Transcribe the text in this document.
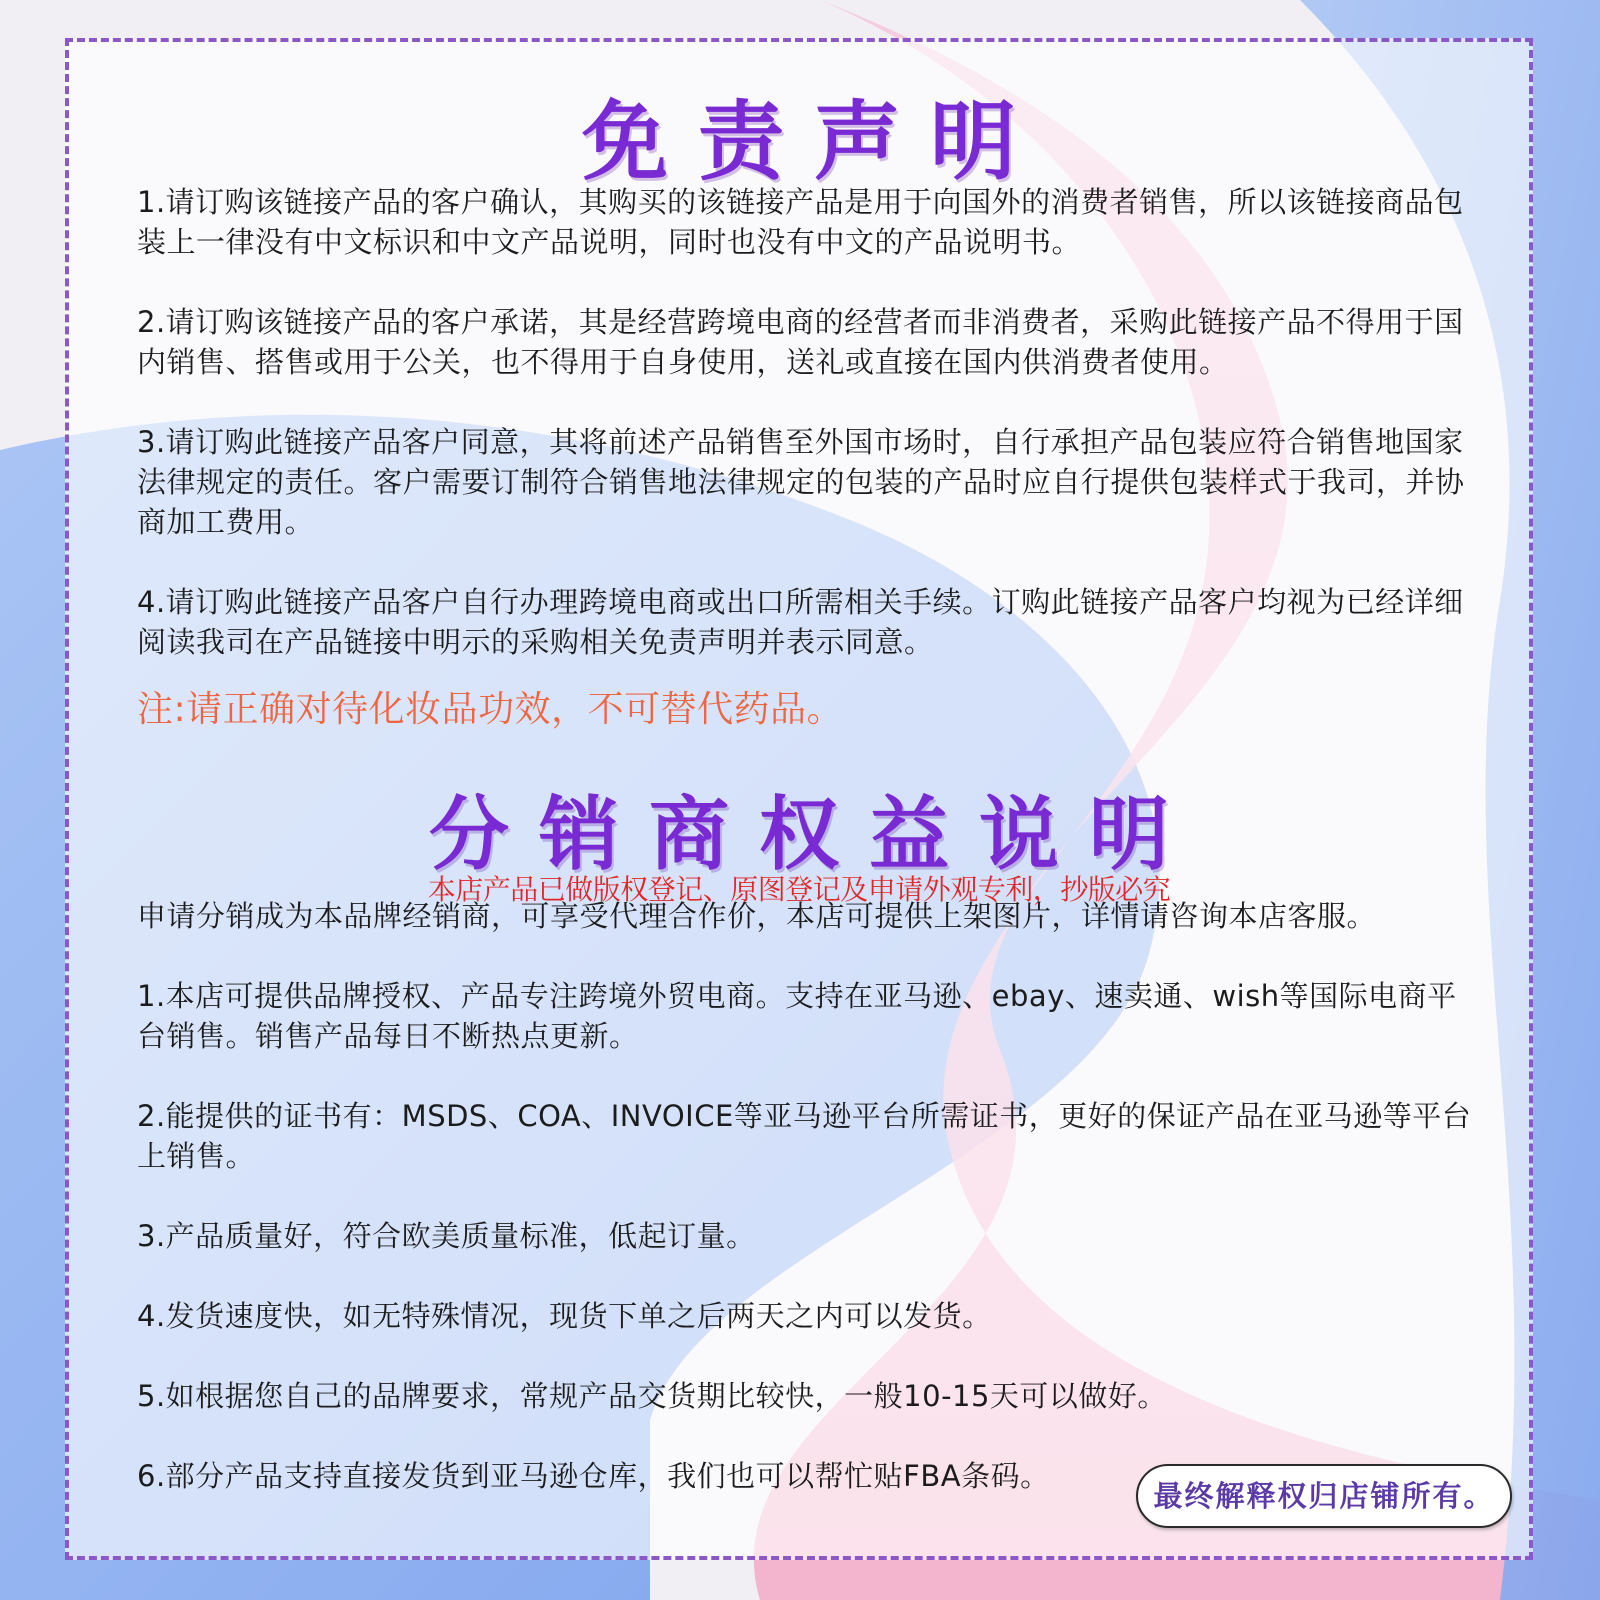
免责声明
1.请订购该链接产品的客户确认，其购买的该链接产品是用于向国外的消费者销售，所以该链接商品包装上一律没有中文标识和中文产品说明，同时也没有中文的产品说明书。
2.请订购该链接产品的客户承诺，其是经营跨境电商的经营者而非消费者，采购此链接产品不得用于国内销售、搭售或用于公关，也不得用于自身使用，送礼或直接在国内供消费者使用。
3.请订购此链接产品客户同意，其将前述产品销售至外国市场时，自行承担产品包装应符合销售地国家法律规定的责任。客户需要订制符合销售地法律规定的包装的产品时应自行提供包装样式于我司，并协商加工费用。
4.请订购此链接产品客户自行办理跨境电商或出口所需相关手续。订购此链接产品客户均视为已经详细阅读我司在产品链接中明示的采购相关免责声明并表示同意。
注:请正确对待化妆品功效，不可替代药品。
分销商权益说明
本店产品已做版权登记、原图登记及申请外观专利，抄版必究
申请分销成为本品牌经销商，可享受代理合作价，本店可提供上架图片，详情请咨询本店客服。
1.本店可提供品牌授权、产品专注跨境外贸电商。支持在亚马逊、ebay、速卖通、wish等国际电商平台销售。销售产品每日不断热点更新。
2.能提供的证书有：MSDS、COA、INVOICE等亚马逊平台所需证书，更好的保证产品在亚马逊等平台上销售。
3.产品质量好，符合欧美质量标准，低起订量。
4.发货速度快，如无特殊情况，现货下单之后两天之内可以发货。
5.如根据您自己的品牌要求，常规产品交货期比较快，一般10-15天可以做好。
6.部分产品支持直接发货到亚马逊仓库，我们也可以帮忙贴FBA条码。
最终解释权归店铺所有。
